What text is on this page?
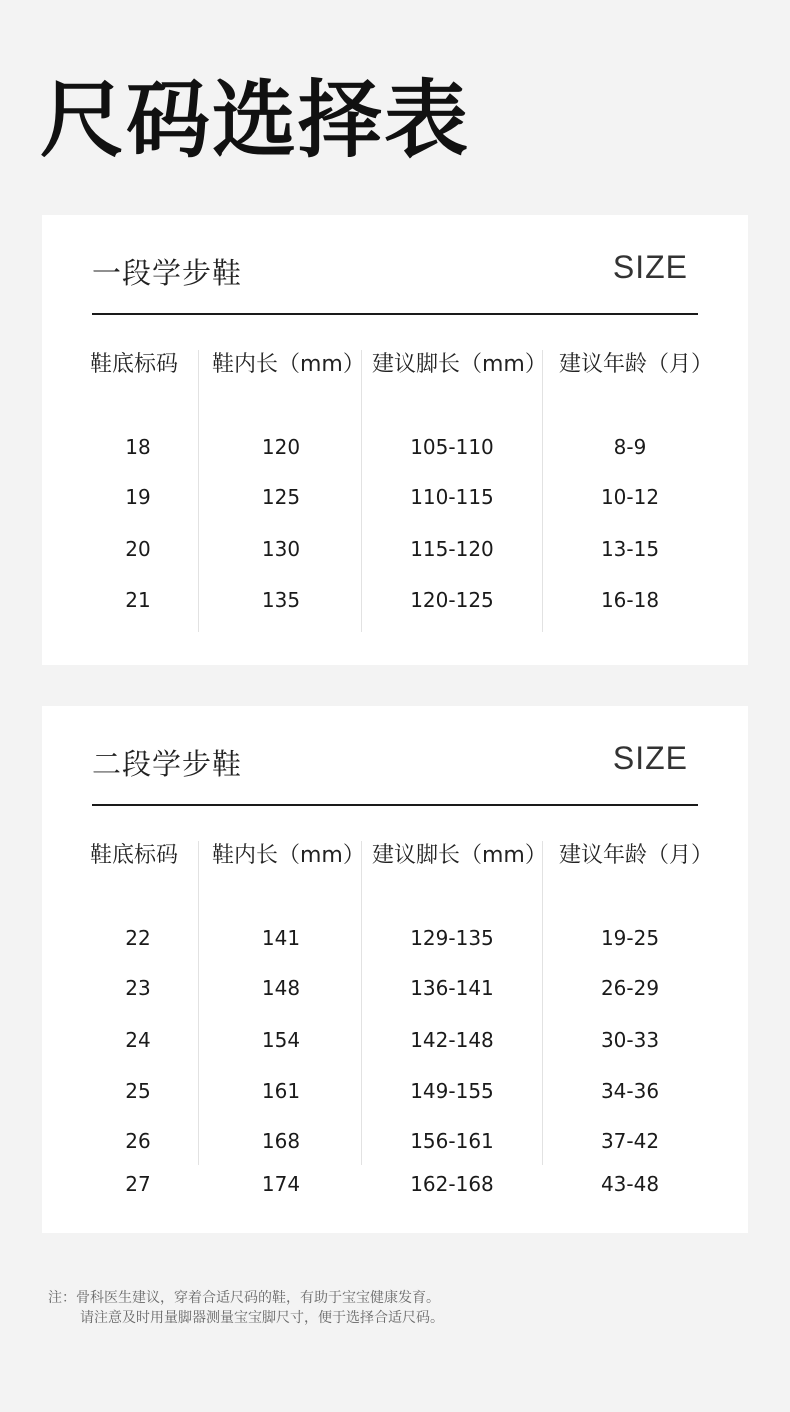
尺码选择表
一段学步鞋	SIZE
鞋底标码 鞋内长（mm） 建议脚长（mm） 建议年龄（月）
18	120	105-110	8-9
19	125	110-115	10-12
20	130	115-120	13-15
21	135	120-125	16-18
二段学步鞋	SIZE
鞋底标码 鞋内长（mm） 建议脚长（mm） 建议年龄（月）
22	141	129-135	19-25
23	148	136-141	26-29
24	154	142-148	30-33
25	161	149-155	34-36
26	168	156-161	37-42
27	174	162-168	43-48
注：骨科医生建议，穿着合适尺码的鞋，有助于宝宝健康发育。
请注意及时用量脚器测量宝宝脚尺寸，便于选择合适尺码。
